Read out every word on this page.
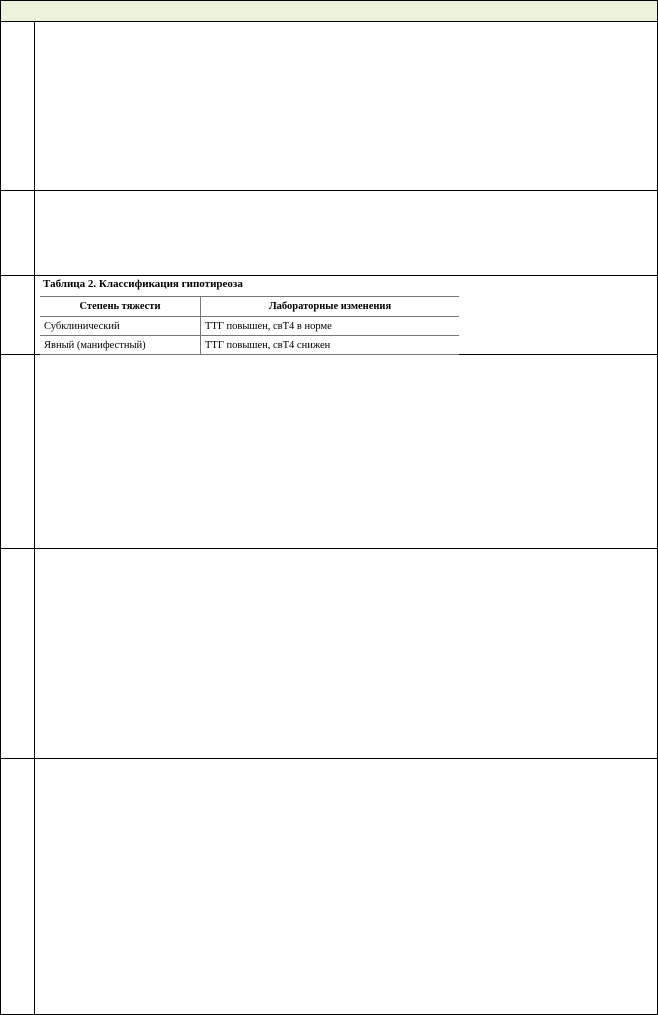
Таблица 2. Классификация гипотиреоза
Степень тяжести	Лабораторные изменения
Субклинический	ТТГ повышен, свТ4 в норме
Явный (манифестный)	ТТГ повышен, свТ4 снижен
